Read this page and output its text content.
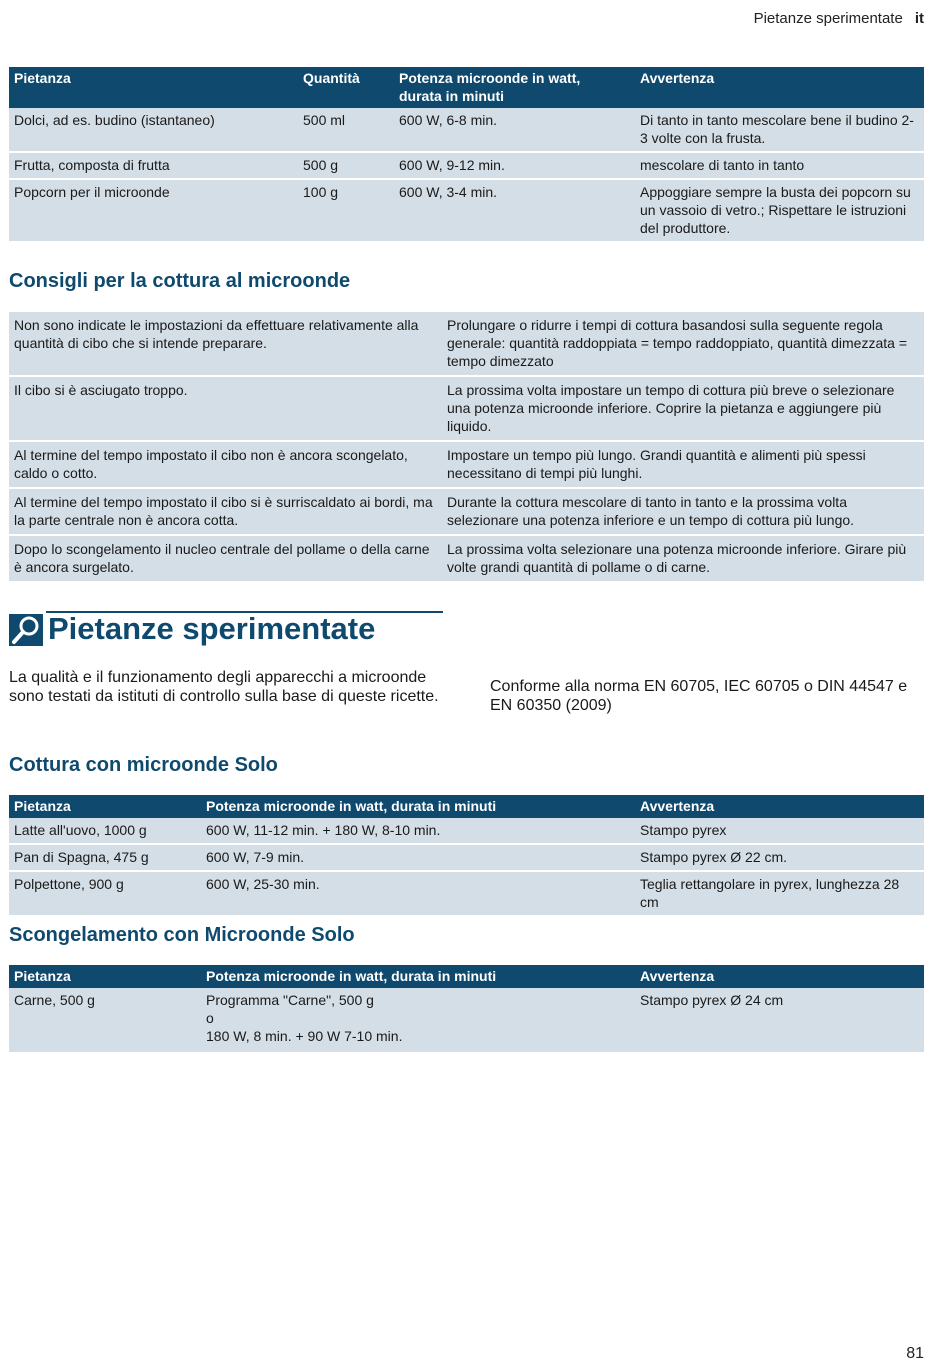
Pietanze sperimentate it
Pietanza	Quantità	Potenza microonde in watt, durata in minuti	Avvertenza
Dolci, ad es. budino (istantaneo)	500 ml	600 W, 6-8 min.	Di tanto in tanto mescolare bene il budino 2-3 volte con la frusta.
Frutta, composta di frutta	500 g	600 W, 9-12 min.	mescolare di tanto in tanto
Popcorn per il microonde	100 g	600 W, 3-4 min.	Appoggiare sempre la busta dei popcorn su un vassoio di vetro.; Rispettare le istruzioni del produttore.
Consigli per la cottura al microonde
Non sono indicate le impostazioni da effettuare relativamente alla quantità di cibo che si intende preparare.	Prolungare o ridurre i tempi di cottura basandosi sulla seguente regola generale: quantità raddoppiata = tempo raddoppiato, quantità dimezzata = tempo dimezzato
Il cibo si è asciugato troppo.	La prossima volta impostare un tempo di cottura più breve o selezionare una potenza microonde inferiore. Coprire la pietanza e aggiungere più liquido.
Al termine del tempo impostato il cibo non è ancora scongelato, caldo o cotto.	Impostare un tempo più lungo. Grandi quantità e alimenti più spessi necessitano di tempi più lunghi.
Al termine del tempo impostato il cibo si è surriscaldato ai bordi, ma la parte centrale non è ancora cotta.	Durante la cottura mescolare di tanto in tanto e la prossima volta selezionare una potenza inferiore e un tempo di cottura più lungo.
Dopo lo scongelamento il nucleo centrale del pollame o della carne è ancora surgelato.	La prossima volta selezionare una potenza microonde inferiore. Girare più volte grandi quantità di pollame o di carne.
Pietanze sperimentate
La qualità e il funzionamento degli apparecchi a microonde sono testati da istituti di controllo sulla base di queste ricette.
Conforme alla norma EN 60705, IEC 60705 o DIN 44547 e EN 60350 (2009)
Cottura con microonde Solo
Pietanza	Potenza microonde in watt, durata in minuti	Avvertenza
Latte all'uovo, 1000 g	600 W, 11-12 min. + 180 W, 8-10 min.	Stampo pyrex
Pan di Spagna, 475 g	600 W, 7-9 min.	Stampo pyrex Ø 22 cm.
Polpettone, 900 g	600 W, 25-30 min.	Teglia rettangolare in pyrex, lunghezza 28 cm
Scongelamento con Microonde Solo
Pietanza	Potenza microonde in watt, durata in minuti	Avvertenza
Carne, 500 g	Programma "Carne", 500 g
o
180 W, 8 min. + 90 W 7-10 min.	Stampo pyrex Ø 24 cm
81
